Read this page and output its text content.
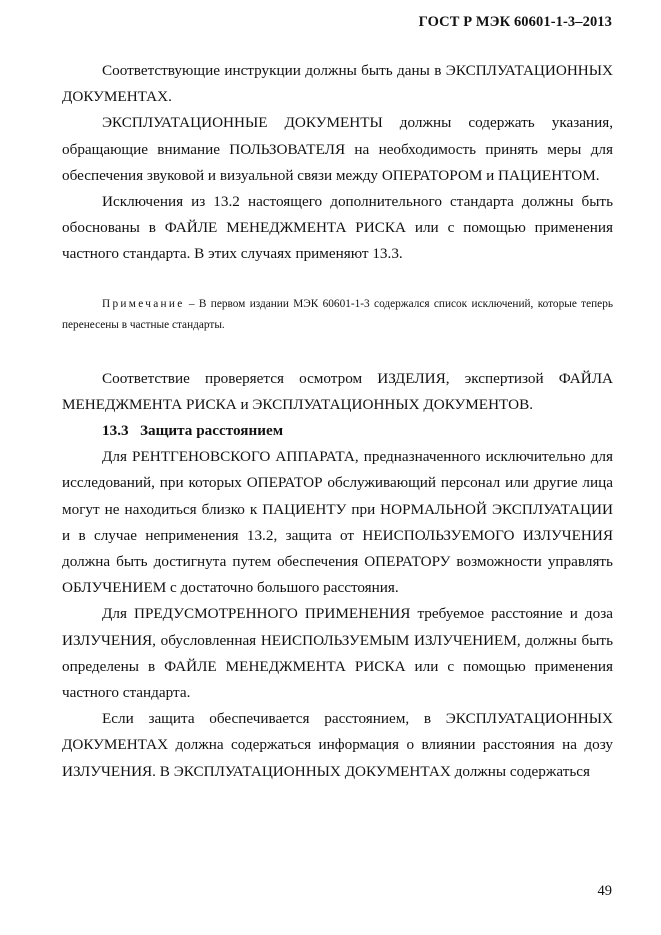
ГОСТ Р МЭК 60601-1-3–2013

Соответствующие инструкции должны быть даны в ЭКСПЛУАТАЦИОННЫХ ДОКУМЕНТАХ.

ЭКСПЛУАТАЦИОННЫЕ ДОКУМЕНТЫ должны содержать указания, обращающие внимание ПОЛЬЗОВАТЕЛЯ на необходимость принять меры для обеспечения звуковой и визуальной связи между ОПЕРАТОРОМ и ПАЦИЕНТОМ.

Исключения из 13.2 настоящего дополнительного стандарта должны быть обоснованы в ФАЙЛЕ МЕНЕДЖМЕНТА РИСКА или с помощью применения частного стандарта. В этих случаях применяют 13.3.

Примечание – В первом издании МЭК 60601-1-3 содержался список исключений, которые теперь перенесены в частные стандарты.

Соответствие проверяется осмотром ИЗДЕЛИЯ, экспертизой ФАЙЛА МЕНЕДЖМЕНТА РИСКА и ЭКСПЛУАТАЦИОННЫХ ДОКУМЕНТОВ.

13.3 Защита расстоянием

Для РЕНТГЕНОВСКОГО АППАРАТА, предназначенного исключительно для исследований, при которых ОПЕРАТОР обслуживающий персонал или другие лица могут не находиться близко к ПАЦИЕНТУ при НОРМАЛЬНОЙ ЭКСПЛУАТАЦИИ и в случае неприменения 13.2, защита от НЕИСПОЛЬЗУЕМОГО ИЗЛУЧЕНИЯ должна быть достигнута путем обеспечения ОПЕРАТОРУ возможности управлять ОБЛУЧЕНИЕМ с достаточно большого расстояния.

Для ПРЕДУСМОТРЕННОГО ПРИМЕНЕНИЯ требуемое расстояние и доза ИЗЛУЧЕНИЯ, обусловленная НЕИСПОЛЬЗУЕМЫМ ИЗЛУЧЕНИЕМ, должны быть определены в ФАЙЛЕ МЕНЕДЖМЕНТА РИСКА или с помощью применения частного стандарта.

Если защита обеспечивается расстоянием, в ЭКСПЛУАТАЦИОННЫХ ДОКУМЕНТАХ должна содержаться информация о влиянии расстояния на дозу ИЗЛУЧЕНИЯ. В ЭКСПЛУАТАЦИОННЫХ ДОКУМЕНТАХ должны содержаться

49
